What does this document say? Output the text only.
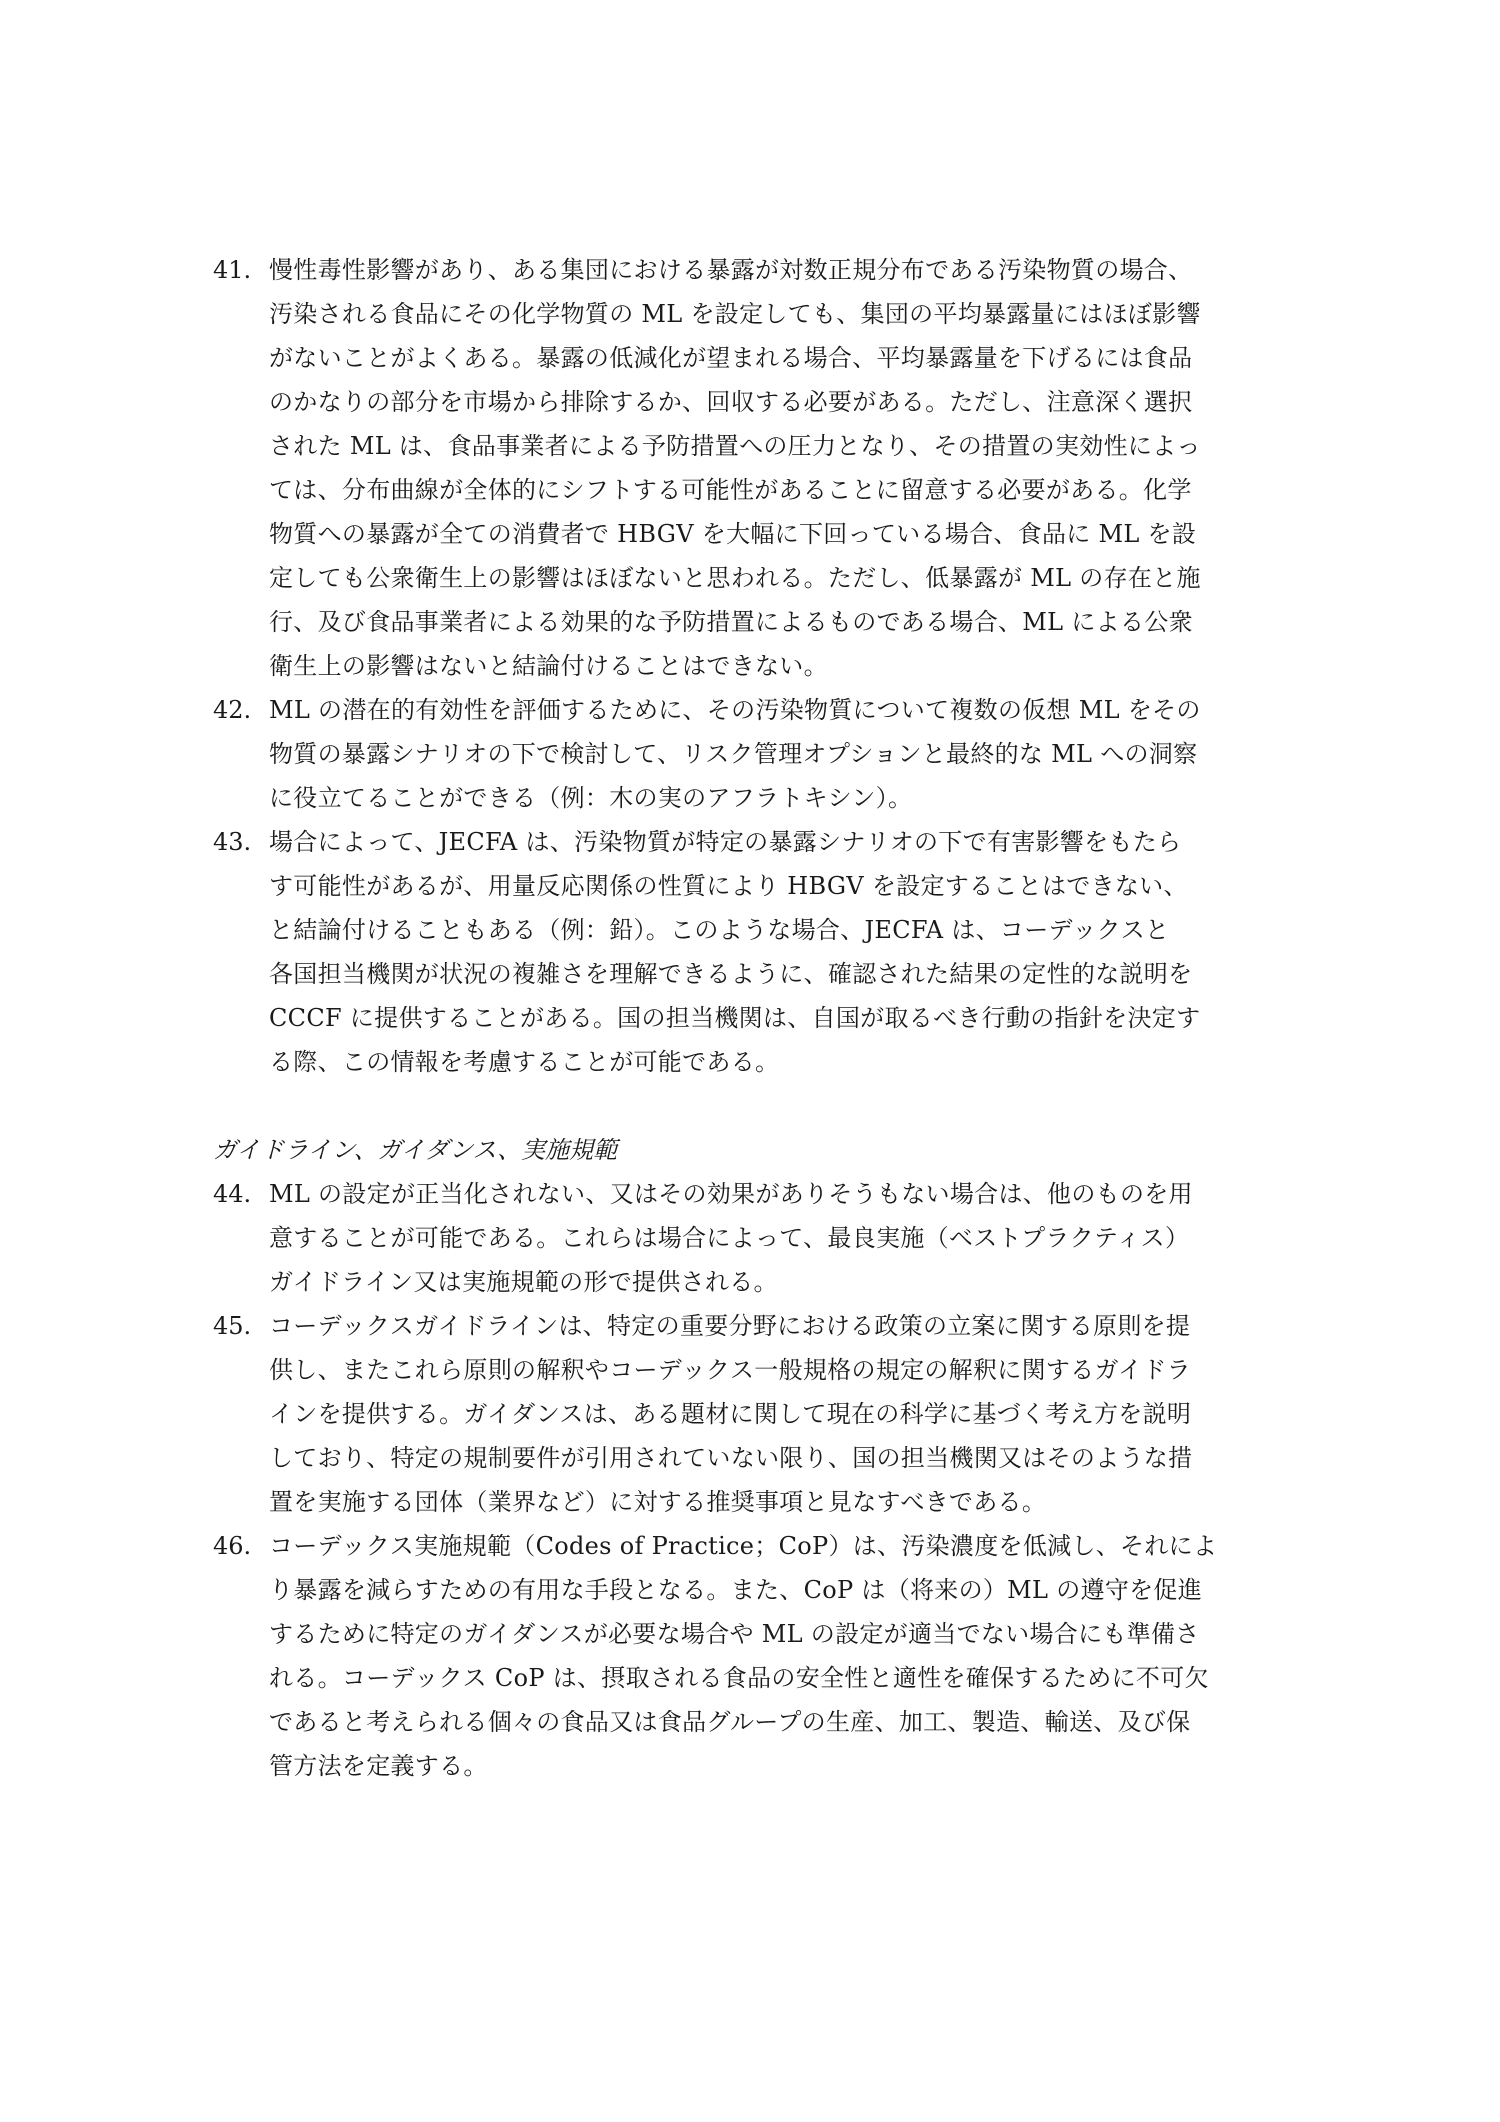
41. 慢性毒性影響があり、ある集団における暴露が対数正規分布である汚染物質の場合、
汚染される食品にその化学物質の ML を設定しても、集団の平均暴露量にはほぼ影響
がないことがよくある。暴露の低減化が望まれる場合、平均暴露量を下げるには食品
のかなりの部分を市場から排除するか、回収する必要がある。ただし、注意深く選択
された ML は、食品事業者による予防措置への圧力となり、その措置の実効性によっ
ては、分布曲線が全体的にシフトする可能性があることに留意する必要がある。化学
物質への暴露が全ての消費者で HBGV を大幅に下回っている場合、食品に ML を設
定しても公衆衛生上の影響はほぼないと思われる。ただし、低暴露が ML の存在と施
行、及び食品事業者による効果的な予防措置によるものである場合、ML による公衆
衛生上の影響はないと結論付けることはできない。
42. ML の潜在的有効性を評価するために、その汚染物質について複数の仮想 ML をその
物質の暴露シナリオの下で検討して、リスク管理オプションと最終的な ML への洞察
に役立てることができる（例：木の実のアフラトキシン）。
43. 場合によって、JECFA は、汚染物質が特定の暴露シナリオの下で有害影響をもたら
す可能性があるが、用量反応関係の性質により HBGV を設定することはできない、
と結論付けることもある（例：鉛）。このような場合、JECFA は、コーデックスと
各国担当機関が状況の複雑さを理解できるように、確認された結果の定性的な説明を
CCCF に提供することがある。国の担当機関は、自国が取るべき行動の指針を決定す
る際、この情報を考慮することが可能である。
ガイドライン、ガイダンス、実施規範
44. ML の設定が正当化されない、又はその効果がありそうもない場合は、他のものを用
意することが可能である。これらは場合によって、最良実施（ベストプラクティス）
ガイドライン又は実施規範の形で提供される。
45. コーデックスガイドラインは、特定の重要分野における政策の立案に関する原則を提
供し、またこれら原則の解釈やコーデックス一般規格の規定の解釈に関するガイドラ
インを提供する。ガイダンスは、ある題材に関して現在の科学に基づく考え方を説明
しており、特定の規制要件が引用されていない限り、国の担当機関又はそのような措
置を実施する団体（業界など）に対する推奨事項と見なすべきである。
46. コーデックス実施規範（Codes of Practice；CoP）は、汚染濃度を低減し、それによ
り暴露を減らすための有用な手段となる。また、CoP は（将来の）ML の遵守を促進
するために特定のガイダンスが必要な場合や ML の設定が適当でない場合にも準備さ
れる。コーデックス CoP は、摂取される食品の安全性と適性を確保するために不可欠
であると考えられる個々の食品又は食品グループの生産、加工、製造、輸送、及び保
管方法を定義する。
